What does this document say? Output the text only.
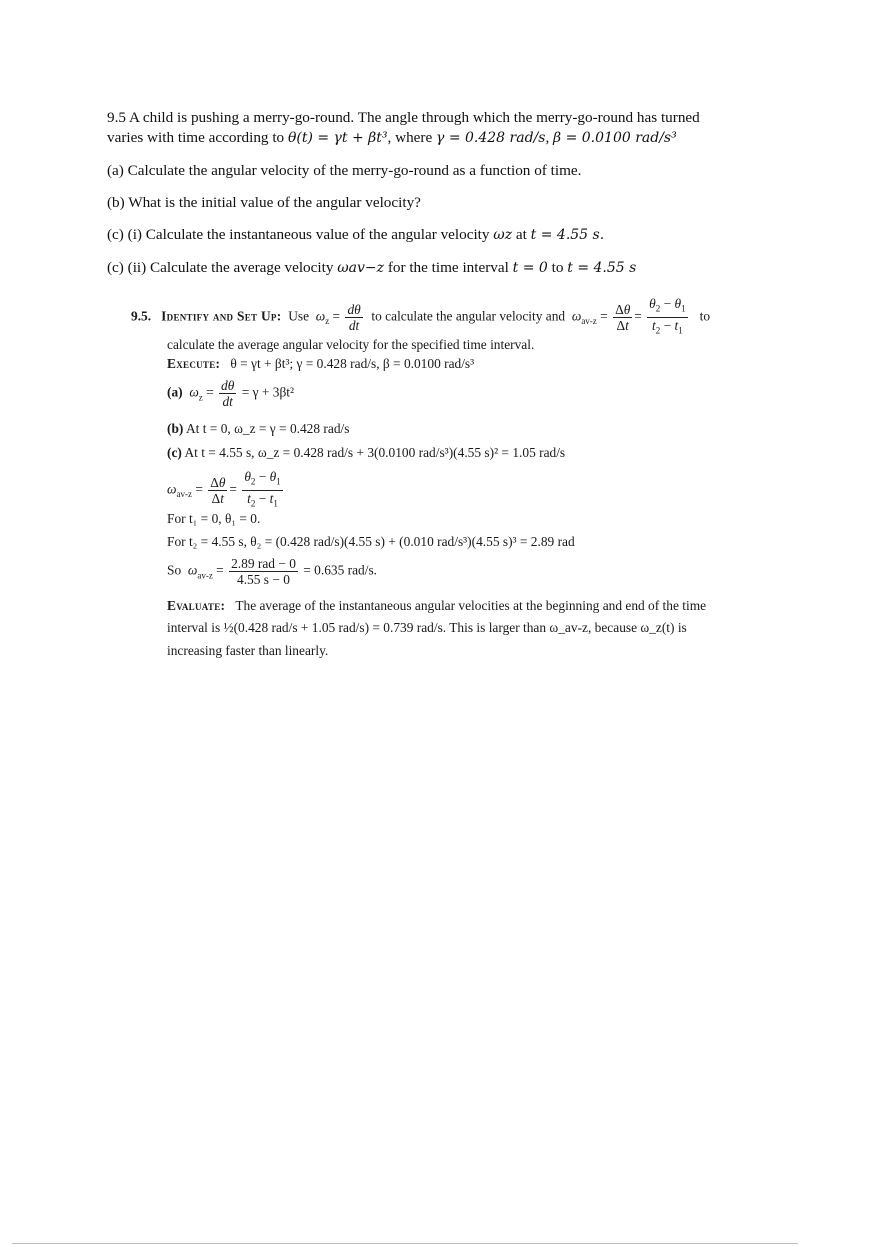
9.5 A child is pushing a merry-go-round. The angle through which the merry-go-round has turned
varies with time according to θ(t) = γt + βt³, where γ = 0.428 rad/s, β = 0.0100 rad/s³
(a) Calculate the angular velocity of the merry-go-round as a function of time.
(b) What is the initial value of the angular velocity?
(c) (i) Calculate the instantaneous value of the angular velocity ωz at t = 4.55 s.
(c) (ii) Calculate the average velocity ωav−z for the time interval t = 0 to t = 4.55 s
9.5. Identify and Set Up: Use $\omega_z = \frac{d\theta}{dt}$ to calculate the angular velocity and $\omega_{av-z} = \frac{\Delta\theta}{\Delta t} = \frac{\theta_2 - \theta_1}{t_2 - t_1}$ to
calculate the average angular velocity for the specified time interval.
Execute: θ = γt + βt³; γ = 0.428 rad/s, β = 0.0100 rad/s³
(a) $\omega_z = \frac{d\theta}{dt} = \gamma + 3\beta t^2$
(b) At t = 0, ω_z = γ = 0.428 rad/s
(c) At t = 4.55 s, ω_z = 0.428 rad/s + 3(0.0100 rad/s³)(4.55 s)² = 1.05 rad/s
$\omega_{av-z} = \frac{\Delta\theta}{\Delta t} = \frac{\theta_2 - \theta_1}{t_2 - t_1}$
For t₁ = 0, θ₁ = 0.
For t₂ = 4.55 s, θ₂ = (0.428 rad/s)(4.55 s) + (0.010 rad/s³)(4.55 s)³ = 2.89 rad
So $\omega_{av-z} = \frac{\text{2.89 rad − 0}}{4.55 s - 0} = 0.635$ rad/s.
Evaluate: The average of the instantaneous angular velocities at the beginning and end of the time
interval is ½(0.428 rad/s + 1.05 rad/s) = 0.739 rad/s. This is larger than ω_av-z, because ω_z(t) is
increasing faster than linearly.
